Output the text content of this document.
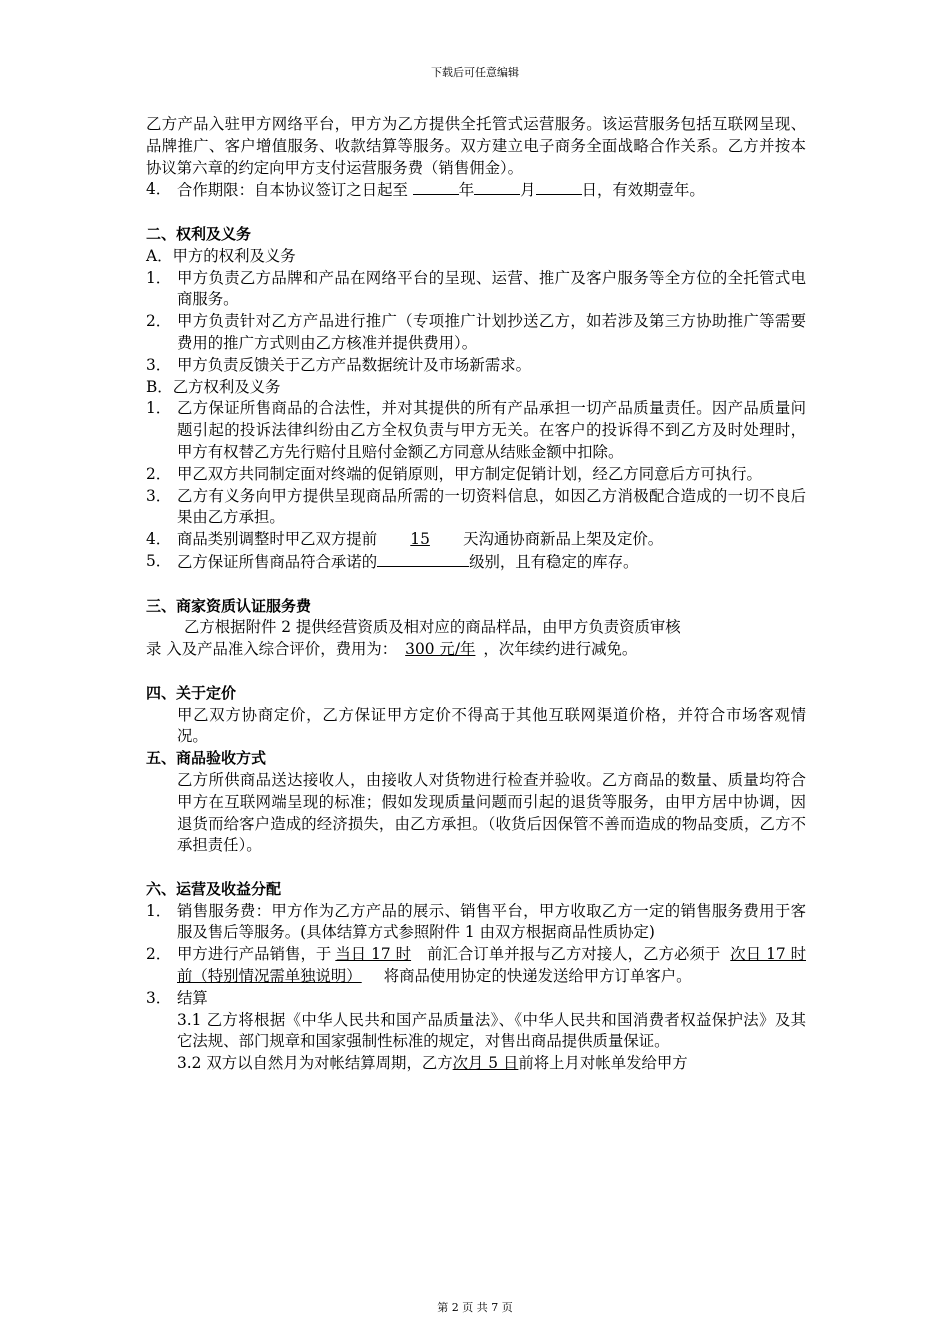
下载后可任意编辑

乙方产品入驻甲方网络平台，甲方为乙方提供全托管式运营服务。该运营服务包括互联网呈现、品牌推广、客户增值服务、收款结算等服务。双方建立电子商务全面战略合作关系。乙方并按本协议第六章的约定向甲方支付运营服务费（销售佣金）。

4． 合作期限：自本协议签订之日起至	年	月	日，有效期壹年。

二、权利及义务

A．甲方的权利及义务

1． 甲方负责乙方品牌和产品在网络平台的呈现、运营、推广及客户服务等全方位的全托管式电商服务。
2． 甲方负责针对乙方产品进行推广（专项推广计划抄送乙方，如若涉及第三方协助推广等需要费用的推广方式则由乙方核准并提供费用）。
3． 甲方负责反馈关于乙方产品数据统计及市场新需求。

B．乙方权利及义务

1． 乙方保证所售商品的合法性，并对其提供的所有产品承担一切产品质量责任。因产品质量问题引起的投诉法律纠纷由乙方全权负责与甲方无关。在客户的投诉得不到乙方及时处理时，甲方有权替乙方先行赔付且赔付金额乙方同意从结账金额中扣除。
2． 甲乙双方共同制定面对终端的促销原则，甲方制定促销计划，经乙方同意后方可执行。
3． 乙方有义务向甲方提供呈现商品所需的一切资料信息，如因乙方消极配合造成的一切不良后果由乙方承担。
4． 商品类别调整时甲乙双方提前 15 天沟通协商新品上架及定价。
5． 乙方保证所售商品符合承诺的	级别，且有稳定的库存。

三、商家资质认证服务费

乙方根据附件 2 提供经营资质及相对应的商品样品，由甲方负责资质审核

录 入及产品准入综合评价，费用为： 300 元/年 ，次年续约进行减免。

四、关于定价

甲乙双方协商定价，乙方保证甲方定价不得高于其他互联网渠道价格，并符合市场客观情况。

五、商品验收方式

乙方所供商品送达接收人，由接收人对货物进行检查并验收。乙方商品的数量、质量均符合甲方在互联网端呈现的标准；假如发现质量问题而引起的退货等服务，由甲方居中协调，因退货而给客户造成的经济损失，由乙方承担。（收货后因保管不善而造成的物品变质，乙方不承担责任）。

六、运营及收益分配

1． 销售服务费：甲方作为乙方产品的展示、销售平台，甲方收取乙方一定的销售服务费用于客服及售后等服务。(具体结算方式参照附件 1 由双方根据商品性质协定)
2． 甲方进行产品销售，于 当日 17 时 前汇合订单并报与乙方对接人，乙方必须于 次日 17 时前（特别情况需单独说明） 将商品使用协定的快递发送给甲方订单客户。
3． 结算

3.1 乙方将根据《中华人民共和国产品质量法》、《中华人民共和国消费者权益保护法》及其它法规、部门规章和国家强制性标准的规定，对售出商品提供质量保证。

3.2 双方以自然月为对帐结算周期，乙方次月 5 日前将上月对帐单发给甲方

第 2 页 共 7 页
